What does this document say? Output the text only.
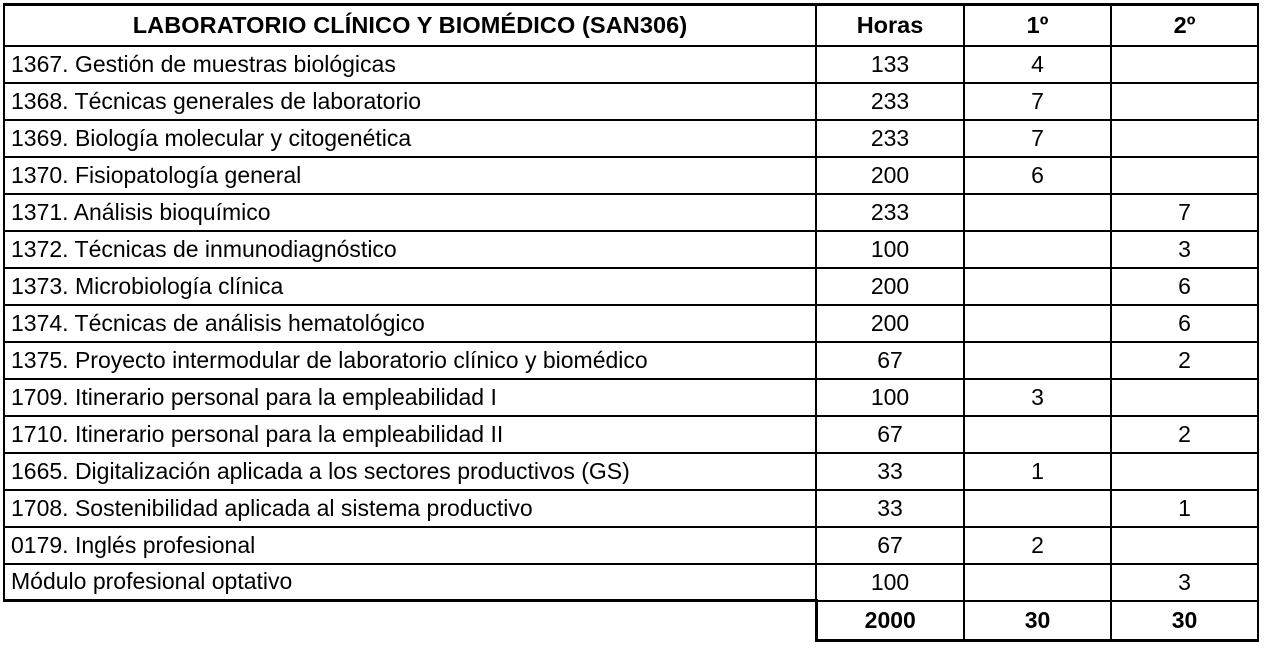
LABORATORIO CLÍNICO Y BIOMÉDICO (SAN306)	Horas	1º	2º
1367. Gestión de muestras biológicas	133	4	
1368. Técnicas generales de laboratorio	233	7	
1369. Biología molecular y citogenética	233	7	
1370. Fisiopatología general	200	6	
1371. Análisis bioquímico	233		7
1372. Técnicas de inmunodiagnóstico	100		3
1373. Microbiología clínica	200		6
1374. Técnicas de análisis hematológico	200		6
1375. Proyecto intermodular de laboratorio clínico y biomédico	67		2
1709. Itinerario personal para la empleabilidad I	100	3	
1710. Itinerario personal para la empleabilidad II	67		2
1665. Digitalización aplicada a los sectores productivos (GS)	33	1	
1708. Sostenibilidad aplicada al sistema productivo	33		1
0179. Inglés profesional	67	2	
Módulo profesional optativo	100		3
	2000	30	30
